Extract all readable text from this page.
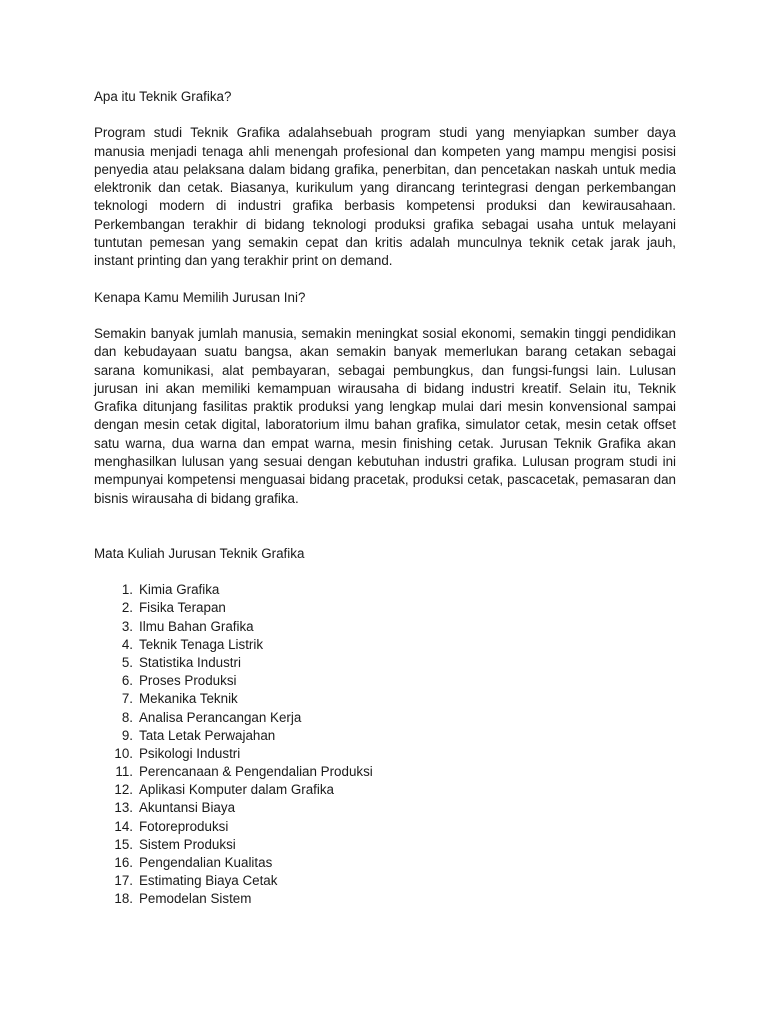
Apa itu Teknik Grafika?

Program studi Teknik Grafika adalahsebuah program studi yang menyiapkan sumber daya manusia menjadi tenaga ahli menengah profesional dan kompeten yang mampu mengisi posisi penyedia atau pelaksana dalam bidang grafika, penerbitan, dan pencetakan naskah untuk media elektronik dan cetak. Biasanya, kurikulum yang dirancang terintegrasi dengan perkembangan teknologi modern di industri grafika berbasis kompetensi produksi dan kewirausahaan. Perkembangan terakhir di bidang teknologi produksi grafika sebagai usaha untuk melayani tuntutan pemesan yang semakin cepat dan kritis adalah munculnya teknik cetak jarak jauh, instant printing dan yang terakhir print on demand.

Kenapa Kamu Memilih Jurusan Ini?

Semakin banyak jumlah manusia, semakin meningkat sosial ekonomi, semakin tinggi pendidikan dan kebudayaan suatu bangsa, akan semakin banyak memerlukan barang cetakan sebagai sarana komunikasi, alat pembayaran, sebagai pembungkus, dan fungsi-fungsi lain. Lulusan jurusan ini akan memiliki kemampuan wirausaha di bidang industri kreatif. Selain itu, Teknik Grafika ditunjang fasilitas praktik produksi yang lengkap mulai dari mesin konvensional sampai dengan mesin cetak digital, laboratorium ilmu bahan grafika, simulator cetak, mesin cetak offset satu warna, dua warna dan empat warna, mesin finishing cetak. Jurusan Teknik Grafika akan menghasilkan lulusan yang sesuai dengan kebutuhan industri grafika. Lulusan program studi ini mempunyai kompetensi menguasai bidang pracetak, produksi cetak, pascacetak, pemasaran dan bisnis wirausaha di bidang grafika.

Mata Kuliah Jurusan Teknik Grafika
1. Kimia Grafika
2. Fisika Terapan
3. Ilmu Bahan Grafika
4. Teknik Tenaga Listrik
5. Statistika Industri
6. Proses Produksi
7. Mekanika Teknik
8. Analisa Perancangan Kerja
9. Tata Letak Perwajahan
10. Psikologi Industri
11. Perencanaan & Pengendalian Produksi
12. Aplikasi Komputer dalam Grafika
13. Akuntansi Biaya
14. Fotoreproduksi
15. Sistem Produksi
16. Pengendalian Kualitas
17. Estimating Biaya Cetak
18. Pemodelan Sistem
